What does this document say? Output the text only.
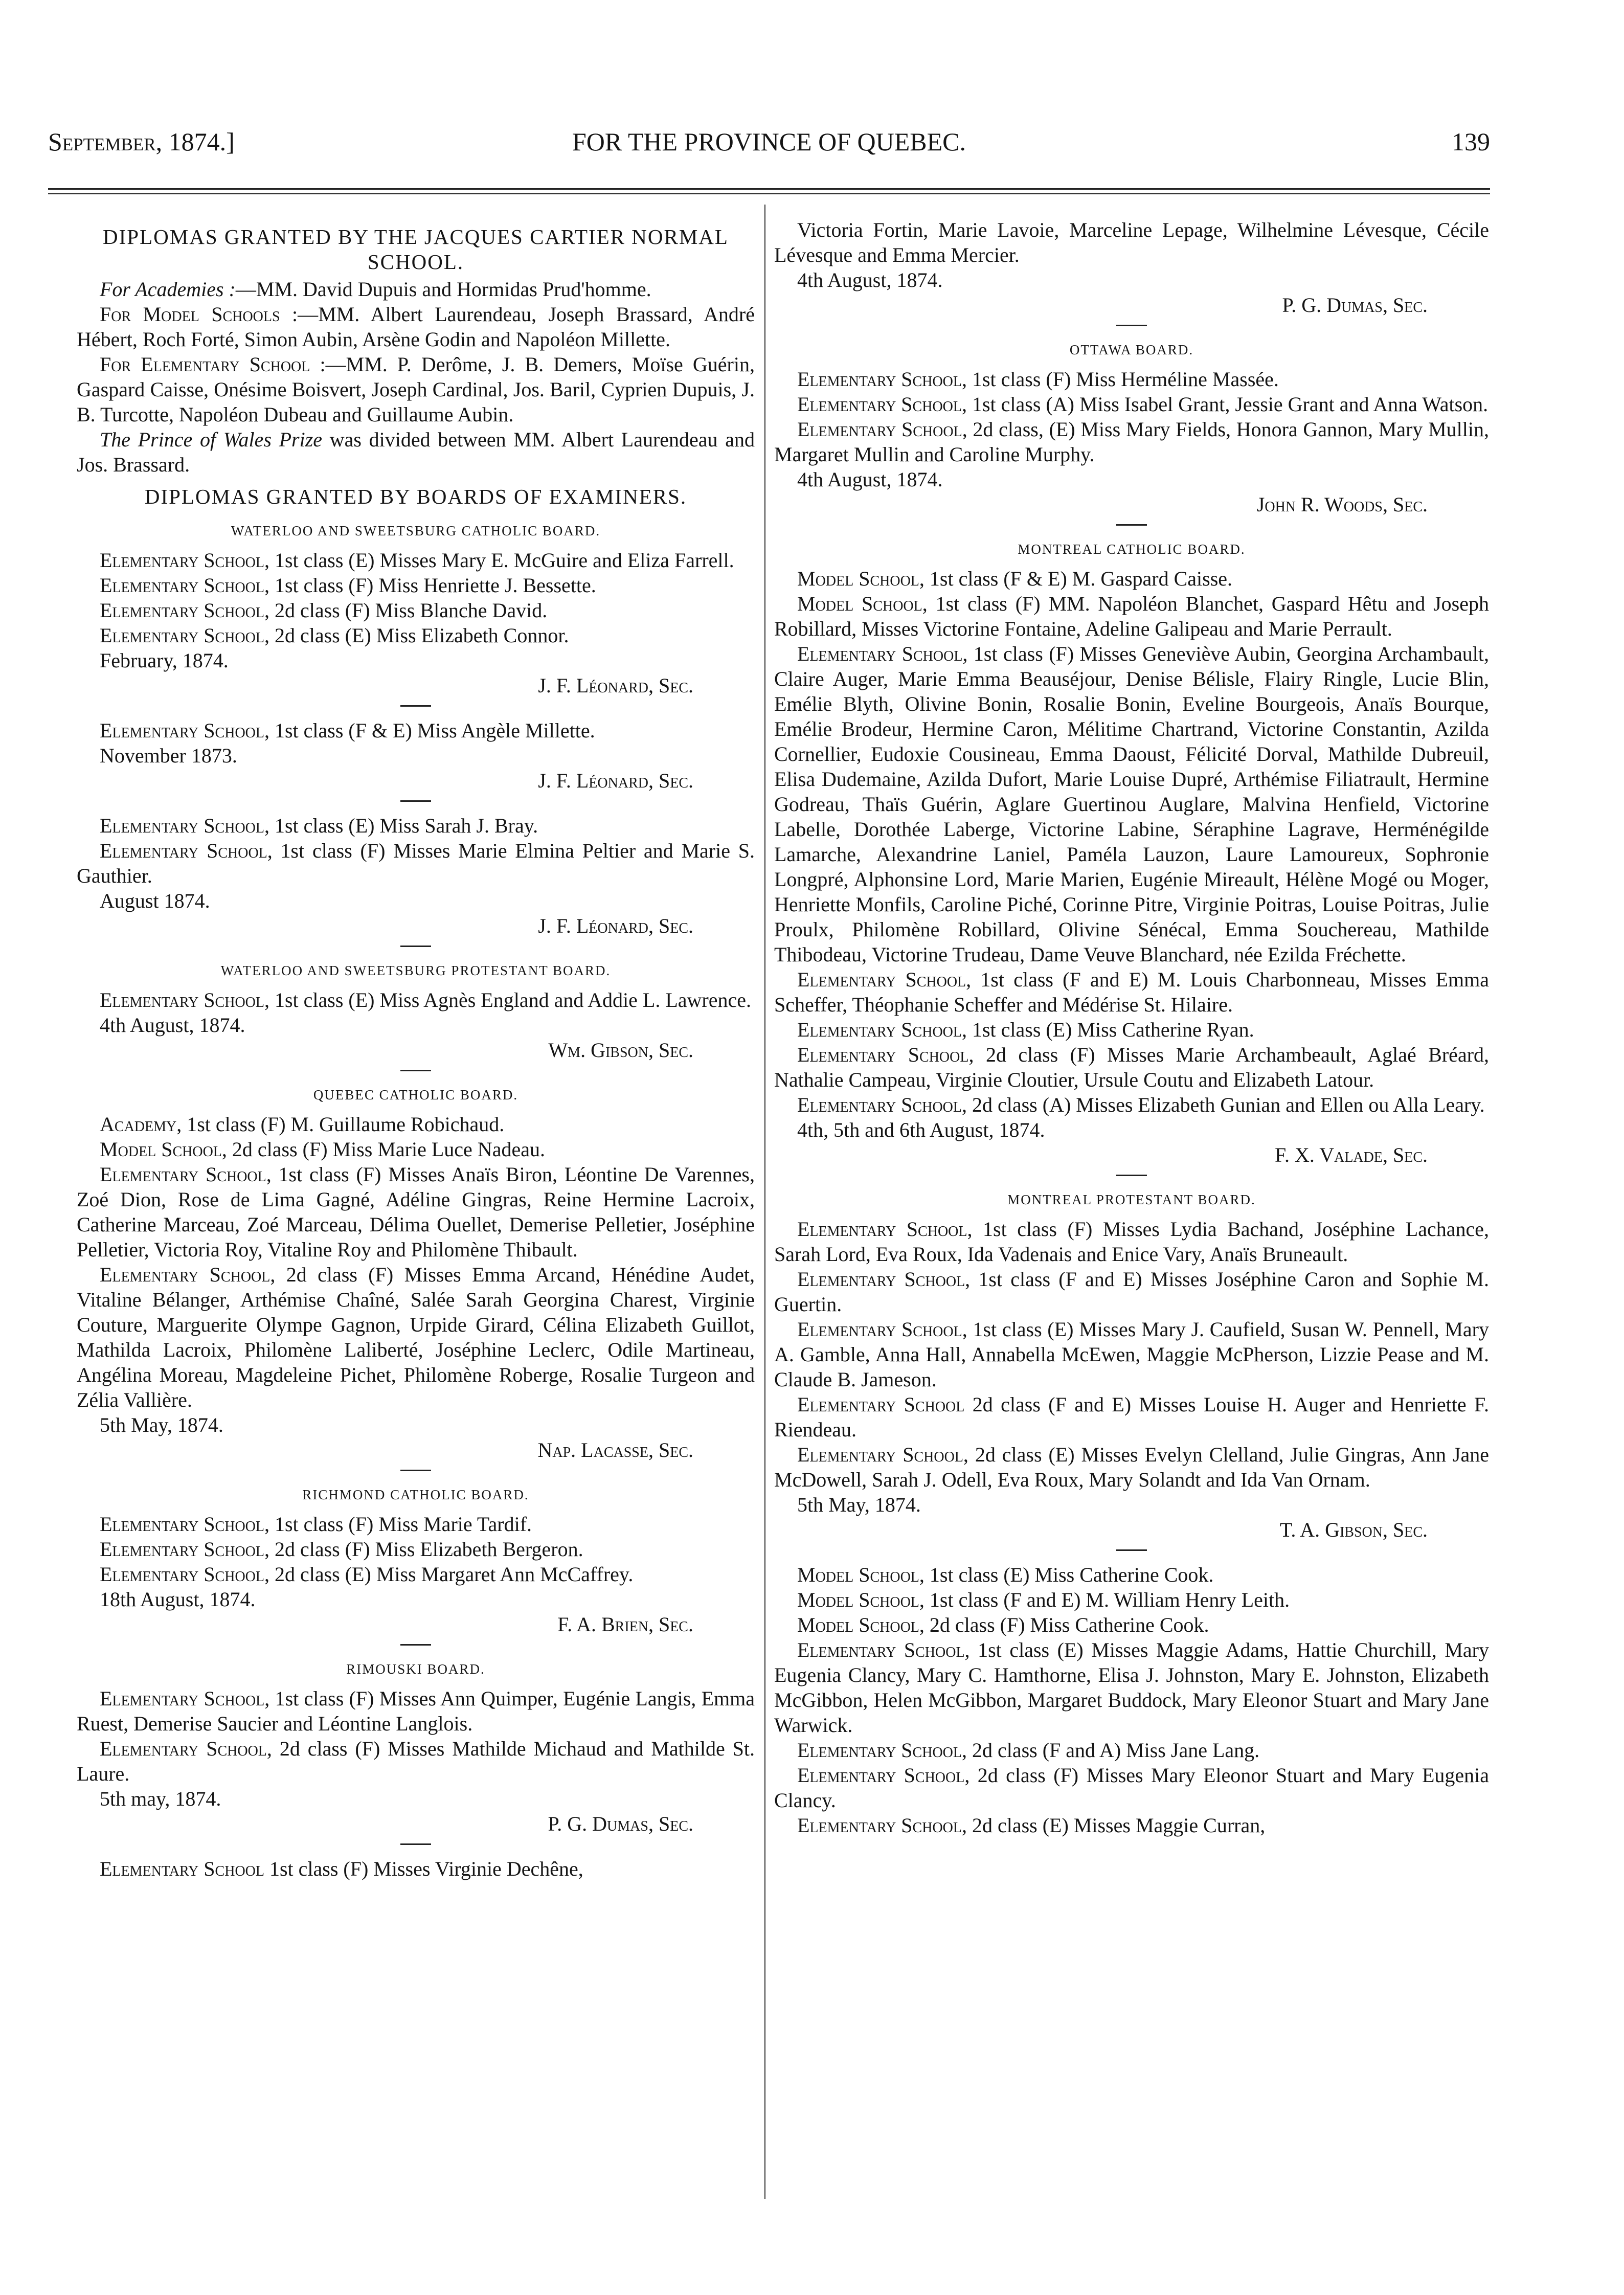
September, 1874.]	FOR THE PROVINCE OF QUEBEC.	139

DIPLOMAS GRANTED BY THE JACQUES CARTIER NORMAL SCHOOL.

For Academies :—MM. David Dupuis and Hormidas Prud'homme.

For Model Schools :—MM. Albert Laurendeau, Joseph Brassard, André Hébert, Roch Forté, Simon Aubin, Arsène Godin and Napoléon Millette.

For Elementary School :—MM. P. Derôme, J. B. Demers, Moïse Guérin, Gaspard Caisse, Onésime Boisvert, Joseph Cardinal, Jos. Baril, Cyprien Dupuis, J. B. Turcotte, Napoléon Dubeau and Guillaume Aubin.

The Prince of Wales Prize was divided between MM. Albert Laurendeau and Jos. Brassard.

DIPLOMAS GRANTED BY BOARDS OF EXAMINERS.

WATERLOO AND SWEETSBURG CATHOLIC BOARD.

Elementary School, 1st class (E) Misses Mary E. McGuire and Eliza Farrell.

Elementary School, 1st class (F) Miss Henriette J. Bessette.

Elementary School, 2d class (F) Miss Blanche David.

Elementary School, 2d class (E) Miss Elizabeth Connor.

February, 1874.

J. F. Léonard, Sec.

Elementary School, 1st class (F & E) Miss Angèle Millette.

November 1873.

J. F. Léonard, Sec.

Elementary School, 1st class (E) Miss Sarah J. Bray.

Elementary School, 1st class (F) Misses Marie Elmina Peltier and Marie S. Gauthier.

August 1874.

J. F. Léonard, Sec.

WATERLOO AND SWEETSBURG PROTESTANT BOARD.

Elementary School, 1st class (E) Miss Agnès England and Addie L. Lawrence.

4th August, 1874.

Wm. Gibson, Sec.

QUEBEC CATHOLIC BOARD.

Academy, 1st class (F) M. Guillaume Robichaud.

Model School, 2d class (F) Miss Marie Luce Nadeau.

Elementary School, 1st class (F) Misses Anaïs Biron, Léontine De Varennes, Zoé Dion, Rose de Lima Gagné, Adéline Gingras, Reine Hermine Lacroix, Catherine Marceau, Zoé Marceau, Délima Ouellet, Demerise Pelletier, Joséphine Pelletier, Victoria Roy, Vitaline Roy and Philomène Thibault.

Elementary School, 2d class (F) Misses Emma Arcand, Hénédine Audet, Vitaline Bélanger, Arthémise Chaîné, Salée Sarah Georgina Charest, Virginie Couture, Marguerite Olympe Gagnon, Urpide Girard, Célina Elizabeth Guillot, Mathilda Lacroix, Philomène Laliberté, Joséphine Leclerc, Odile Martineau, Angélina Moreau, Magdeleine Pichet, Philomène Roberge, Rosalie Turgeon and Zélia Vallière.

5th May, 1874.

Nap. Lacasse, Sec.

RICHMOND CATHOLIC BOARD.

Elementary School, 1st class (F) Miss Marie Tardif.

Elementary School, 2d class (F) Miss Elizabeth Bergeron.

Elementary School, 2d class (E) Miss Margaret Ann McCaffrey.

18th August, 1874.

F. A. Brien, Sec.

RIMOUSKI BOARD.

Elementary School, 1st class (F) Misses Ann Quimper, Eugénie Langis, Emma Ruest, Demerise Saucier and Léontine Langlois.

Elementary School, 2d class (F) Misses Mathilde Michaud and Mathilde St. Laure.

5th may, 1874.

P. G. Dumas, Sec.

Elementary School 1st class (F) Misses Virginie Dechêne,

Victoria Fortin, Marie Lavoie, Marceline Lepage, Wilhelmine Lévesque, Cécile Lévesque and Emma Mercier.

4th August, 1874.

P. G. Dumas, Sec.

OTTAWA BOARD.

Elementary School, 1st class (F) Miss Herméline Massée.

Elementary School, 1st class (A) Miss Isabel Grant, Jessie Grant and Anna Watson.

Elementary School, 2d class, (E) Miss Mary Fields, Honora Gannon, Mary Mullin, Margaret Mullin and Caroline Murphy.

4th August, 1874.

John R. Woods, Sec.

MONTREAL CATHOLIC BOARD.

Model School, 1st class (F & E) M. Gaspard Caisse.

Model School, 1st class (F) MM. Napoléon Blanchet, Gaspard Hêtu and Joseph Robillard, Misses Victorine Fontaine, Adeline Galipeau and Marie Perrault.

Elementary School, 1st class (F) Misses Geneviève Aubin, Georgina Archambault, Claire Auger, Marie Emma Beauséjour, Denise Bélisle, Flairy Ringle, Lucie Blin, Emélie Blyth, Olivine Bonin, Rosalie Bonin, Eveline Bourgeois, Anaïs Bourque, Emélie Brodeur, Hermine Caron, Mélitime Chartrand, Victorine Constantin, Azilda Cornellier, Eudoxie Cousineau, Emma Daoust, Félicité Dorval, Mathilde Dubreuil, Elisa Dudemaine, Azilda Dufort, Marie Louise Dupré, Arthémise Filiatrault, Hermine Godreau, Thaïs Guérin, Aglare Guertinou Auglare, Malvina Henfield, Victorine Labelle, Dorothée Laberge, Victorine Labine, Séraphine Lagrave, Herménégilde Lamarche, Alexandrine Laniel, Paméla Lauzon, Laure Lamoureux, Sophronie Longpré, Alphonsine Lord, Marie Marien, Eugénie Mireault, Hélène Mogé ou Moger, Henriette Monfils, Caroline Piché, Corinne Pitre, Virginie Poitras, Louise Poitras, Julie Proulx, Philomène Robillard, Olivine Sénécal, Emma Souchereau, Mathilde Thibodeau, Victorine Trudeau, Dame Veuve Blanchard, née Ezilda Fréchette.

Elementary School, 1st class (F and E) M. Louis Charbonneau, Misses Emma Scheffer, Théophanie Scheffer and Médérise St. Hilaire.

Elementary School, 1st class (E) Miss Catherine Ryan.

Elementary School, 2d class (F) Misses Marie Archambeault, Aglaé Bréard, Nathalie Campeau, Virginie Cloutier, Ursule Coutu and Elizabeth Latour.

Elementary School, 2d class (A) Misses Elizabeth Gunian and Ellen ou Alla Leary.

4th, 5th and 6th August, 1874.

F. X. Valade, Sec.

MONTREAL PROTESTANT BOARD.

Elementary School, 1st class (F) Misses Lydia Bachand, Joséphine Lachance, Sarah Lord, Eva Roux, Ida Vadenais and Enice Vary, Anaïs Bruneault.

Elementary School, 1st class (F and E) Misses Joséphine Caron and Sophie M. Guertin.

Elementary School, 1st class (E) Misses Mary J. Caufield, Susan W. Pennell, Mary A. Gamble, Anna Hall, Annabella McEwen, Maggie McPherson, Lizzie Pease and M. Claude B. Jameson.

Elementary School 2d class (F and E) Misses Louise H. Auger and Henriette F. Riendeau.

Elementary School, 2d class (E) Misses Evelyn Clelland, Julie Gingras, Ann Jane McDowell, Sarah J. Odell, Eva Roux, Mary Solandt and Ida Van Ornam.

5th May, 1874.

T. A. Gibson, Sec.

Model School, 1st class (E) Miss Catherine Cook.

Model School, 1st class (F and E) M. William Henry Leith.

Model School, 2d class (F) Miss Catherine Cook.

Elementary School, 1st class (E) Misses Maggie Adams, Hattie Churchill, Mary Eugenia Clancy, Mary C. Hamthorne, Elisa J. Johnston, Mary E. Johnston, Elizabeth McGibbon, Helen McGibbon, Margaret Buddock, Mary Eleonor Stuart and Mary Jane Warwick.

Elementary School, 2d class (F and A) Miss Jane Lang.

Elementary School, 2d class (F) Misses Mary Eleonor Stuart and Mary Eugenia Clancy.

Elementary School, 2d class (E) Misses Maggie Curran,
